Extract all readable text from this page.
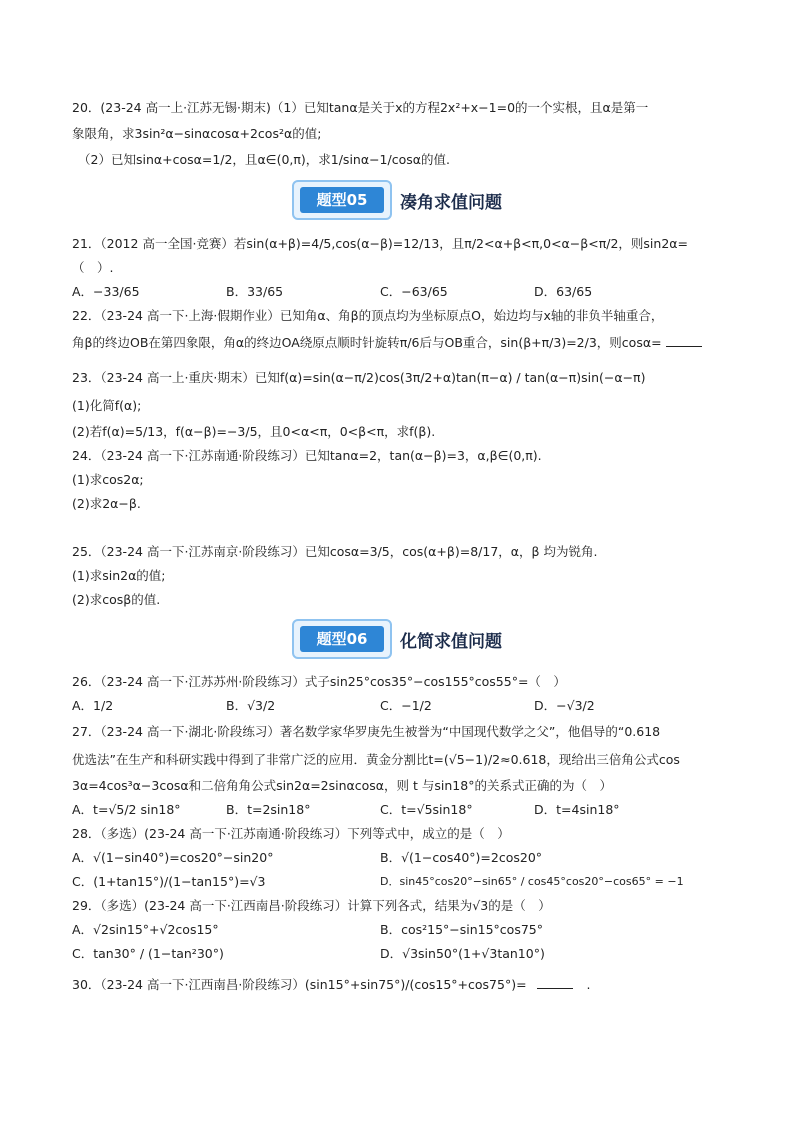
20．(23-24 高一上·江苏无锡·期末)（1）已知tanα是关于x的方程2x²+x−1=0的一个实根，且α是第一
象限角，求3sin²α−sinαcosα+2cos²α的值;
（2）已知sinα+cosα=1/2，且α∈(0,π)，求1/sinα−1/cosα的值.
题型05	凑角求值问题
21．（2012 高一全国·竞赛）若sin(α+β)=4/5,cos(α−β)=12/13，且π/2<α+β<π,0<α−β<π/2，则sin2α=
（　）.
A．−33/65	B．33/65	C．−63/65	D．63/65
22．（23-24 高一下·上海·假期作业）已知角α、角β的顶点均为坐标原点O，始边均与x轴的非负半轴重合，
角β的终边OB在第四象限，角α的终边OA绕原点顺时针旋转π/6后与OB重合，sin(β+π/3)=2/3，则cosα=
23．（23-24 高一上·重庆·期末）已知f(α)=sin(α−π/2)cos(3π/2+α)tan(π−α) / tan(α−π)sin(−α−π)
(1)化简f(α);
(2)若f(α)=5/13，f(α−β)=−3/5，且0<α<π，0<β<π，求f(β).
24．（23-24 高一下·江苏南通·阶段练习）已知tanα=2，tan(α−β)=3，α,β∈(0,π).
(1)求cos2α;
(2)求2α−β.
25．（23-24 高一下·江苏南京·阶段练习）已知cosα=3/5，cos(α+β)=8/17，α，β 均为锐角.
(1)求sin2α的值;
(2)求cosβ的值.
题型06	化简求值问题
26．（23-24 高一下·江苏苏州·阶段练习）式子sin25°cos35°−cos155°cos55°=（　）
A．1/2	B．√3/2	C．−1/2	D．−√3/2
27．（23-24 高一下·湖北·阶段练习）著名数学家华罗庚先生被誉为“中国现代数学之父”，他倡导的“0.618
优选法”在生产和科研实践中得到了非常广泛的应用．黄金分割比t=(√5−1)/2≈0.618，现给出三倍角公式cos
3α=4cos³α−3cosα和二倍角角公式sin2α=2sinαcosα，则 t 与sin18°的关系式正确的为（　）
A．t=√5/2 sin18°	B．t=2sin18°	C．t=√5sin18°	D．t=4sin18°
28．（多选）(23-24 高一下·江苏南通·阶段练习）下列等式中，成立的是（　）
A．√(1−sin40°)=cos20°−sin20°	B．√(1−cos40°)=2cos20°
C．(1+tan15°)/(1−tan15°)=√3	D．sin45°cos20°−sin65° / cos45°cos20°−cos65° = −1
29．（多选）(23-24 高一下·江西南昌·阶段练习）计算下列各式，结果为√3的是（　）
A．√2sin15°+√2cos15°	B．cos²15°−sin15°cos75°
C．tan30° / (1−tan²30°)	D．√3sin50°(1+√3tan10°)
30．（23-24 高一下·江西南昌·阶段练习）(sin15°+sin75°)/(cos15°+cos75°)=	.
